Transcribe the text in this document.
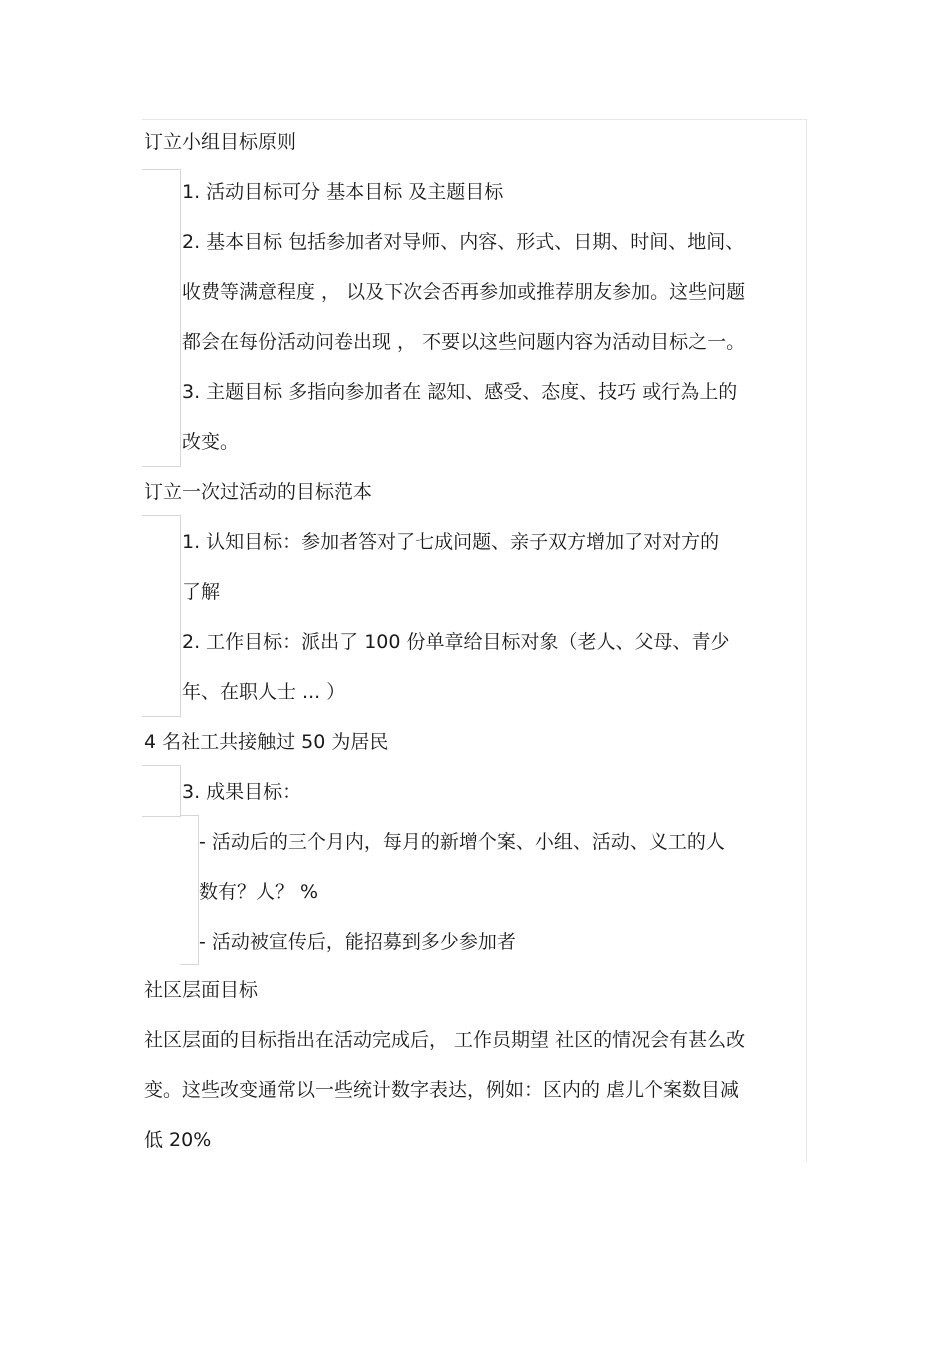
订立小组目标原则
1. 活动目标可分 基本目标 及主题目标
2. 基本目标 包括参加者对导师、内容、形式、日期、时间、地间、
收费等满意程度 ， 以及下次会否再参加或推荐朋友参加。这些问题
都会在每份活动问卷出现 ， 不要以这些问题内容为活动目标之一。
3. 主题目标 多指向参加者在 認知、感受、态度、技巧 或行為上的
改变。
订立一次过活动的目标范本
1. 认知目标：参加者答对了七成问题、亲子双方增加了对对方的
了解
2. 工作目标：派出了 100 份单章给目标对象（老人、父母、青少
年、在职人士 ... ）
4 名社工共接触过 50 为居民
3. 成果目标：
- 活动后的三个月内，每月的新增个案、小组、活动、义工的人
数有？人？ %
- 活动被宣传后，能招募到多少参加者
社区层面目标
社区层面的目标指出在活动完成后， 工作员期望 社区的情况会有甚么改
变。这些改变通常以一些统计数字表达，例如：区内的 虐儿个案数目减
低 20%
